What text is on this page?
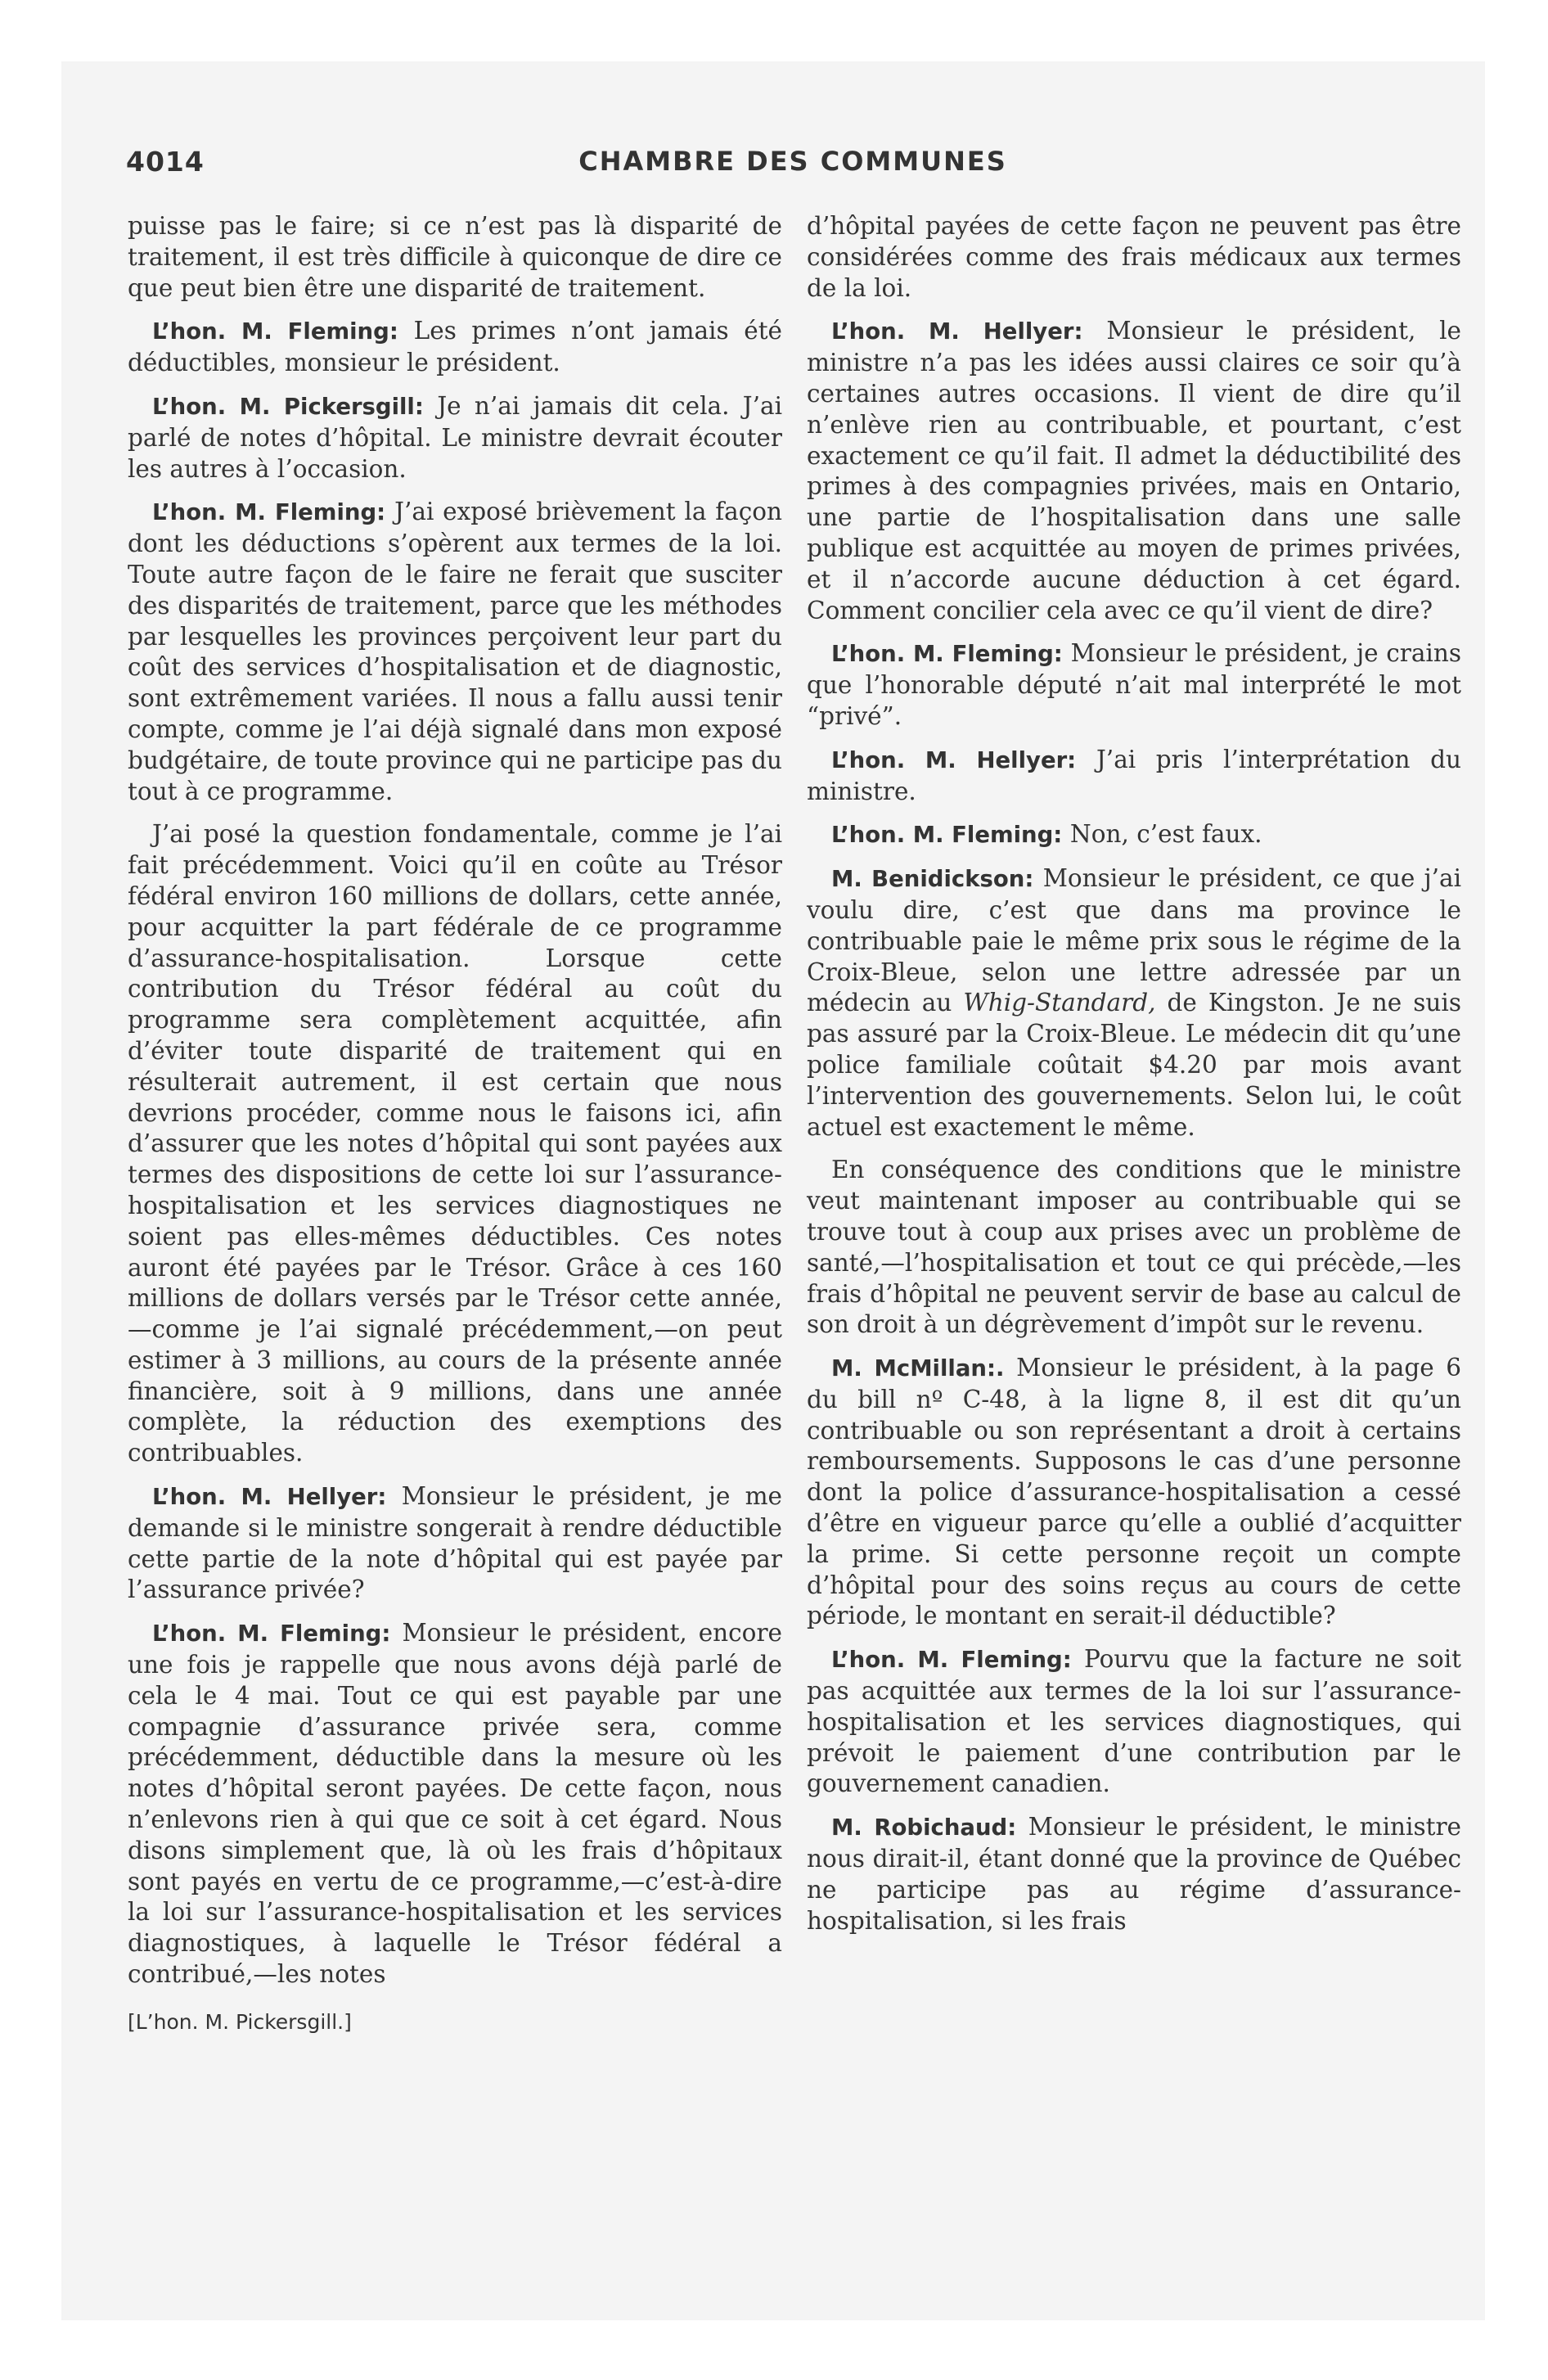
4014	CHAMBRE DES COMMUNES

puisse pas le faire; si ce n’est pas là disparité de traitement, il est très difficile à quiconque de dire ce que peut bien être une disparité de traitement.

L’hon. M. Fleming: Les primes n’ont jamais été déductibles, monsieur le président.

L’hon. M. Pickersgill: Je n’ai jamais dit cela. J’ai parlé de notes d’hôpital. Le ministre devrait écouter les autres à l’occasion.

L’hon. M. Fleming: J’ai exposé brièvement la façon dont les déductions s’opèrent aux termes de la loi. Toute autre façon de le faire ne ferait que susciter des disparités de traitement, parce que les méthodes par lesquelles les provinces perçoivent leur part du coût des services d’hospitalisation et de diagnostic, sont extrêmement variées. Il nous a fallu aussi tenir compte, comme je l’ai déjà signalé dans mon exposé budgétaire, de toute province qui ne participe pas du tout à ce programme.

J’ai posé la question fondamentale, comme je l’ai fait précédemment. Voici qu’il en coûte au Trésor fédéral environ 160 millions de dollars, cette année, pour acquitter la part fédérale de ce programme d’assurance-hospitalisation. Lorsque cette contribution du Trésor fédéral au coût du programme sera complètement acquittée, afin d’éviter toute disparité de traitement qui en résulterait autrement, il est certain que nous devrions procéder, comme nous le faisons ici, afin d’assurer que les notes d’hôpital qui sont payées aux termes des dispositions de cette loi sur l’assurance-hospitalisation et les services diagnostiques ne soient pas elles-mêmes déductibles. Ces notes auront été payées par le Trésor. Grâce à ces 160 millions de dollars versés par le Trésor cette année,—comme je l’ai signalé précédemment,—on peut estimer à 3 millions, au cours de la présente année financière, soit à 9 millions, dans une année complète, la réduction des exemptions des contribuables.

L’hon. M. Hellyer: Monsieur le président, je me demande si le ministre songerait à rendre déductible cette partie de la note d’hôpital qui est payée par l’assurance privée?

L’hon. M. Fleming: Monsieur le président, encore une fois je rappelle que nous avons déjà parlé de cela le 4 mai. Tout ce qui est payable par une compagnie d’assurance privée sera, comme précédemment, déductible dans la mesure où les notes d’hôpital seront payées. De cette façon, nous n’enlevons rien à qui que ce soit à cet égard. Nous disons simplement que, là où les frais d’hôpitaux sont payés en vertu de ce programme,—c’est-à-dire la loi sur l’assurance-hospitalisation et les services diagnostiques, à laquelle le Trésor fédéral a contribué,—les notes

[L’hon. M. Pickersgill.]

d’hôpital payées de cette façon ne peuvent pas être considérées comme des frais médicaux aux termes de la loi.

L’hon. M. Hellyer: Monsieur le président, le ministre n’a pas les idées aussi claires ce soir qu’à certaines autres occasions. Il vient de dire qu’il n’enlève rien au contribuable, et pourtant, c’est exactement ce qu’il fait. Il admet la déductibilité des primes à des compagnies privées, mais en Ontario, une partie de l’hospitalisation dans une salle publique est acquittée au moyen de primes privées, et il n’accorde aucune déduction à cet égard. Comment concilier cela avec ce qu’il vient de dire?

L’hon. M. Fleming: Monsieur le président, je crains que l’honorable député n’ait mal interprété le mot “privé”.

L’hon. M. Hellyer: J’ai pris l’interprétation du ministre.

L’hon. M. Fleming: Non, c’est faux.

M. Benidickson: Monsieur le président, ce que j’ai voulu dire, c’est que dans ma province le contribuable paie le même prix sous le régime de la Croix-Bleue, selon une lettre adressée par un médecin au Whig-Standard, de Kingston. Je ne suis pas assuré par la Croix-Bleue. Le médecin dit qu’une police familiale coûtait $4.20 par mois avant l’intervention des gouvernements. Selon lui, le coût actuel est exactement le même.

En conséquence des conditions que le ministre veut maintenant imposer au contribuable qui se trouve tout à coup aux prises avec un problème de santé,—l’hospitalisation et tout ce qui précède,—les frais d’hôpital ne peuvent servir de base au calcul de son droit à un dégrèvement d’impôt sur le revenu.

M. McMillan:. Monsieur le président, à la page 6 du bill nº C-48, à la ligne 8, il est dit qu’un contribuable ou son représentant a droit à certains remboursements. Supposons le cas d’une personne dont la police d’assurance-hospitalisation a cessé d’être en vigueur parce qu’elle a oublié d’acquitter la prime. Si cette personne reçoit un compte d’hôpital pour des soins reçus au cours de cette période, le montant en serait-il déductible?

L’hon. M. Fleming: Pourvu que la facture ne soit pas acquittée aux termes de la loi sur l’assurance-hospitalisation et les services diagnostiques, qui prévoit le paiement d’une contribution par le gouvernement canadien.

M. Robichaud: Monsieur le président, le ministre nous dirait-il, étant donné que la province de Québec ne participe pas au régime d’assurance-hospitalisation, si les frais
